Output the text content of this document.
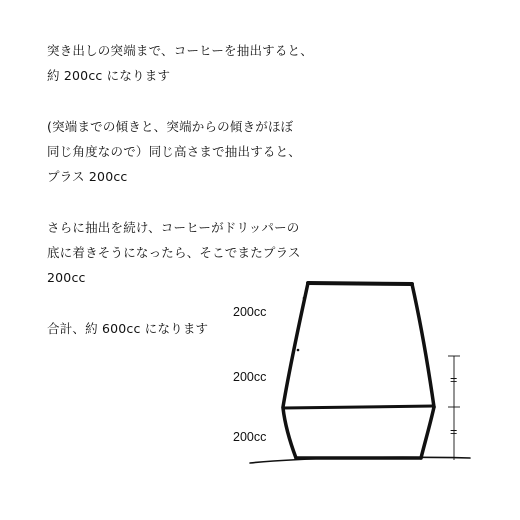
突き出しの突端まで、コーヒーを抽出すると、
約 200cc になります
(突端までの傾きと、突端からの傾きがほぼ
同じ角度なので）同じ高さまで抽出すると、
プラス 200cc
さらに抽出を続け、コーヒーがドリッパーの
底に着きそうになったら、そこでまたプラス
200cc
合計、約 600cc になります
=
=
200cc
200cc
200cc
